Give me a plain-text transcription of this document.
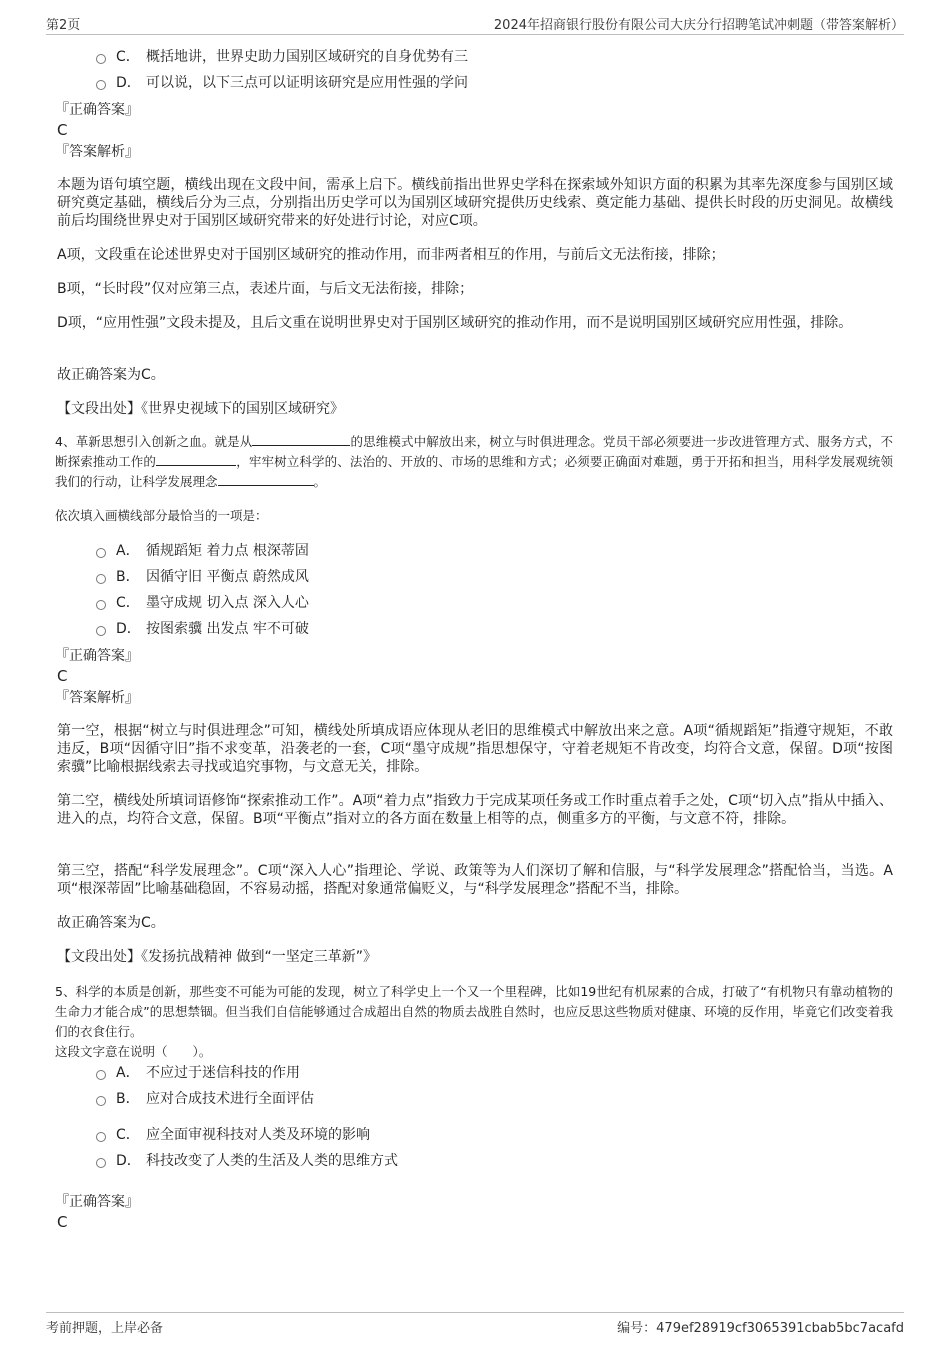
第2页	2024年招商银行股份有限公司大庆分行招聘笔试冲刺题（带答案解析）
C． 概括地讲，世界史助力国别区域研究的自身优势有三
D． 可以说，以下三点可以证明该研究是应用性强的学问
『正确答案』
C
『答案解析』
本题为语句填空题，横线出现在文段中间，需承上启下。横线前指出世界史学科在探索域外知识方面的积累为其率先深度参与国别区域研究奠定基础，横线后分为三点，分别指出历史学可以为国别区域研究提供历史线索、奠定能力基础、提供长时段的历史洞见。故横线前后均围绕世界史对于国别区域研究带来的好处进行讨论，对应C项。
A项，文段重在论述世界史对于国别区域研究的推动作用，而非两者相互的作用，与前后文无法衔接，排除；
B项，“长时段”仅对应第三点，表述片面，与后文无法衔接，排除；
D项，“应用性强”文段未提及，且后文重在说明世界史对于国别区域研究的推动作用，而不是说明国别区域研究应用性强，排除。
故正确答案为C。
【文段出处】《世界史视域下的国别区域研究》
4、革新思想引入创新之血。就是从	的思维模式中解放出来，树立与时俱进理念。党员干部必须要进一步改进管理方式、服务方式，不断探索推动工作的	，牢牢树立科学的、法治的、开放的、市场的思维和方式；必须要正确面对难题，勇于开拓和担当，用科学发展观统领我们的行动，让科学发展理念	。
依次填入画横线部分最恰当的一项是：
A． 循规蹈矩 着力点 根深蒂固
B． 因循守旧 平衡点 蔚然成风
C． 墨守成规 切入点 深入人心
D． 按图索骥 出发点 牢不可破
『正确答案』
C
『答案解析』
第一空，根据“树立与时俱进理念”可知，横线处所填成语应体现从老旧的思维模式中解放出来之意。A项“循规蹈矩”指遵守规矩，不敢违反，B项“因循守旧”指不求变革，沿袭老的一套，C项“墨守成规”指思想保守，守着老规矩不肯改变，均符合文意，保留。D项“按图索骥”比喻根据线索去寻找或追究事物，与文意无关，排除。
第二空，横线处所填词语修饰“探索推动工作”。A项“着力点”指致力于完成某项任务或工作时重点着手之处，C项“切入点”指从中插入、进入的点，均符合文意，保留。B项“平衡点”指对立的各方面在数量上相等的点，侧重多方的平衡，与文意不符，排除。
第三空，搭配“科学发展理念”。C项“深入人心”指理论、学说、政策等为人们深切了解和信服，与“科学发展理念”搭配恰当，当选。A项“根深蒂固”比喻基础稳固，不容易动摇，搭配对象通常偏贬义，与“科学发展理念”搭配不当，排除。
故正确答案为C。
【文段出处】《发扬抗战精神 做到“一坚定三革新”》
5、科学的本质是创新，那些变不可能为可能的发现，树立了科学史上一个又一个里程碑，比如19世纪有机尿素的合成，打破了“有机物只有靠动植物的生命力才能合成”的思想禁锢。但当我们自信能够通过合成超出自然的物质去战胜自然时，也应反思这些物质对健康、环境的反作用，毕竟它们改变着我们的衣食住行。
这段文字意在说明（　　）。
A． 不应过于迷信科技的作用
B． 应对合成技术进行全面评估
C． 应全面审视科技对人类及环境的影响
D． 科技改变了人类的生活及人类的思维方式
『正确答案』
C
考前押题，上岸必备	编号：479ef28919cf3065391cbab5bc7acafd
